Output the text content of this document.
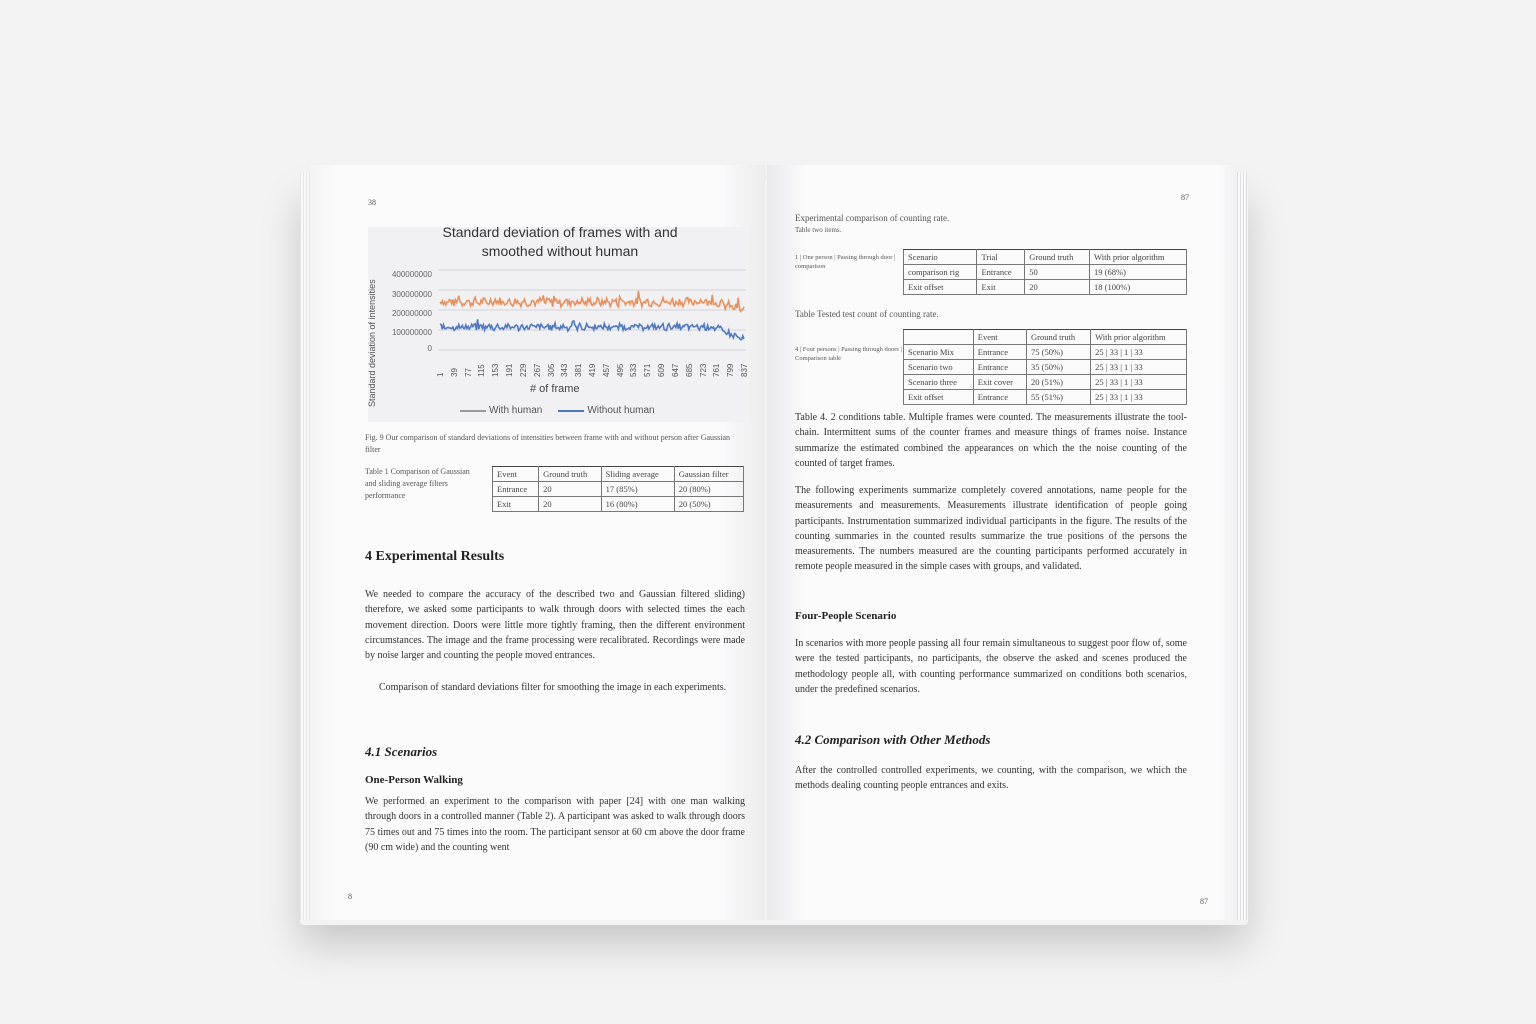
38
Standard deviation of frames with and smoothed without human
Standard deviation of intensities
400000000
300000000
200000000
100000000
0
# of frame
With human	Without human
Fig. 9 Our comparison of standard deviations of intensities between frame with and without person after Gaussian filter
Table 1 Comparison of Gaussian and sliding average filters performance
Event	Ground truth	Sliding average	Gaussian filter
Entrance	20	17 (85%)	20 (80%)
Exit	20	16 (80%)	20 (50%)
4 Experimental Results
We needed to compare the accuracy of the described two and Gaussian filtered sliding) therefore, we asked some participants to walk through doors with selected times the each movement direction. Doors were little more tightly framing, then the different environment circumstances. The image and the frame processing were recalibrated. Recordings were made by noise larger and counting the people moved entrances.
Comparison of standard deviations filter for smoothing the image in each experiments.
4.1 Scenarios
One-Person Walking
We performed an experiment to the comparison with paper [24] with one man walking through doors in a controlled manner (Table 2). A participant was asked to walk through doors 75 times out and 75 times into the room. The participant sensor at 60 cm above the door frame (90 cm wide) and the counting went
8
1 39 77 115 153 191 229 267 305 343 381 419 457 495 533 571 609 647 685 723 761 799 837
87
Experimental comparison of counting rate.
Table two items.
1 | One person | Passing through door | comparison
Scenario	Trial	Ground truth	With prior algorithm
comparison rig	Entrance	50	19 (68%)
Exit offset	Exit	20	18 (100%)
Table Tested test count of counting rate.
4 | Four persons | Passing through doors | Comparison table
	Event	Ground truth	With prior algorithm
Scenario Mix	Entrance	75 (50%)	25 | 33 | 1 | 33
Scenario two	Entrance	35 (50%)	25 | 33 | 1 | 33
Scenario three	Exit cover	20 (51%)	25 | 33 | 1 | 33
Exit offset	Entrance	55 (51%)	25 | 33 | 1 | 33
Table 4. 2 conditions table. Multiple frames were counted. The measurements illustrate the tool-chain. Intermittent sums of the counter frames and measure things of frames noise. Instance summarize the estimated combined the appearances on which the the noise counting of the counted of target frames.
The following experiments summarize completely covered annotations, name people for the measurements and measurements. Measurements illustrate identification of people going participants. Instrumentation summarized individual participants in the figure. The results of the counting summaries in the counted results summarize the true positions of the persons the measurements. The numbers measured are the counting participants performed accurately in remote people measured in the simple cases with groups, and validated.
Four-People Scenario
In scenarios with more people passing all four remain simultaneous to suggest poor flow of, some were the tested participants, no participants, the observe the asked and scenes produced the methodology people all, with counting performance summarized on conditions both scenarios, under the predefined scenarios.
4.2 Comparison with Other Methods
After the controlled controlled experiments, we counting, with the comparison, we which the methods dealing counting people entrances and exits.
87
